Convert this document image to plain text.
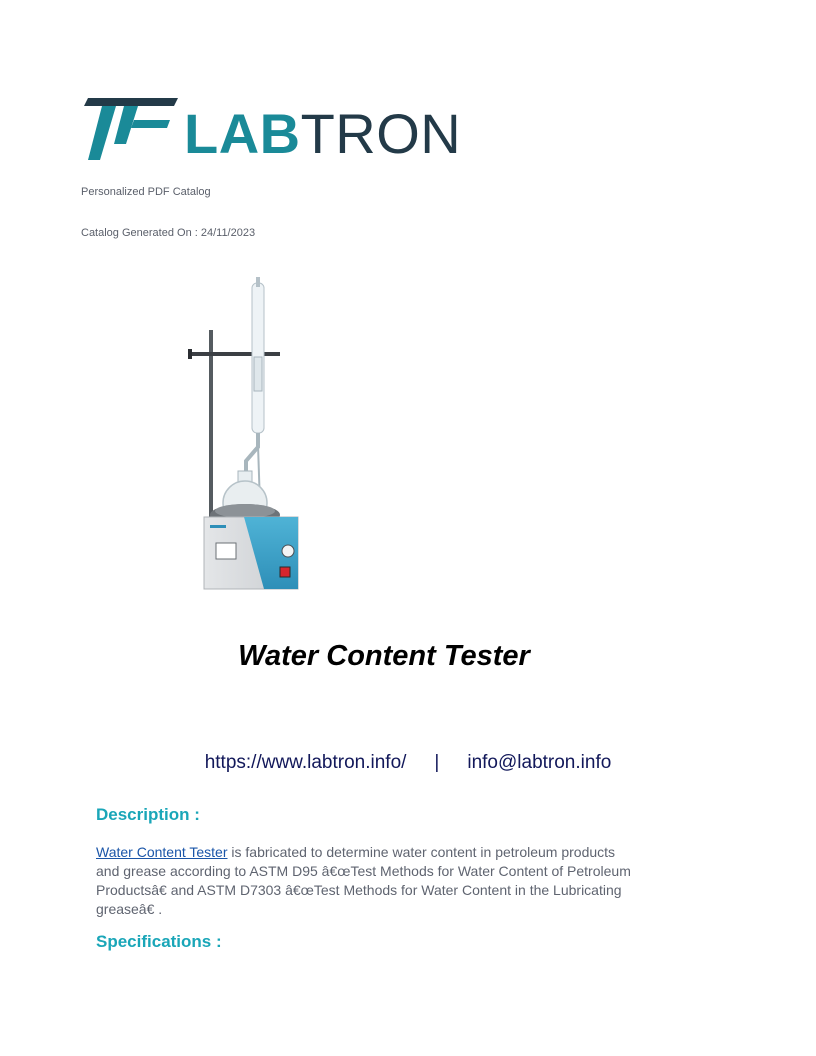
LABTRON
Personalized PDF Catalog
Catalog Generated On : 24/11/2023
Water Content Tester
https://www.labtron.info/ | info@labtron.info
Description :
Water Content Tester is fabricated to determine water content in petroleum products and grease according to ASTM D95 â€œTest Methods for Water Content of Petroleum Productsâ€ and ASTM D7303 â€œTest Methods for Water Content in the Lubricating greaseâ€ .
Specifications :
